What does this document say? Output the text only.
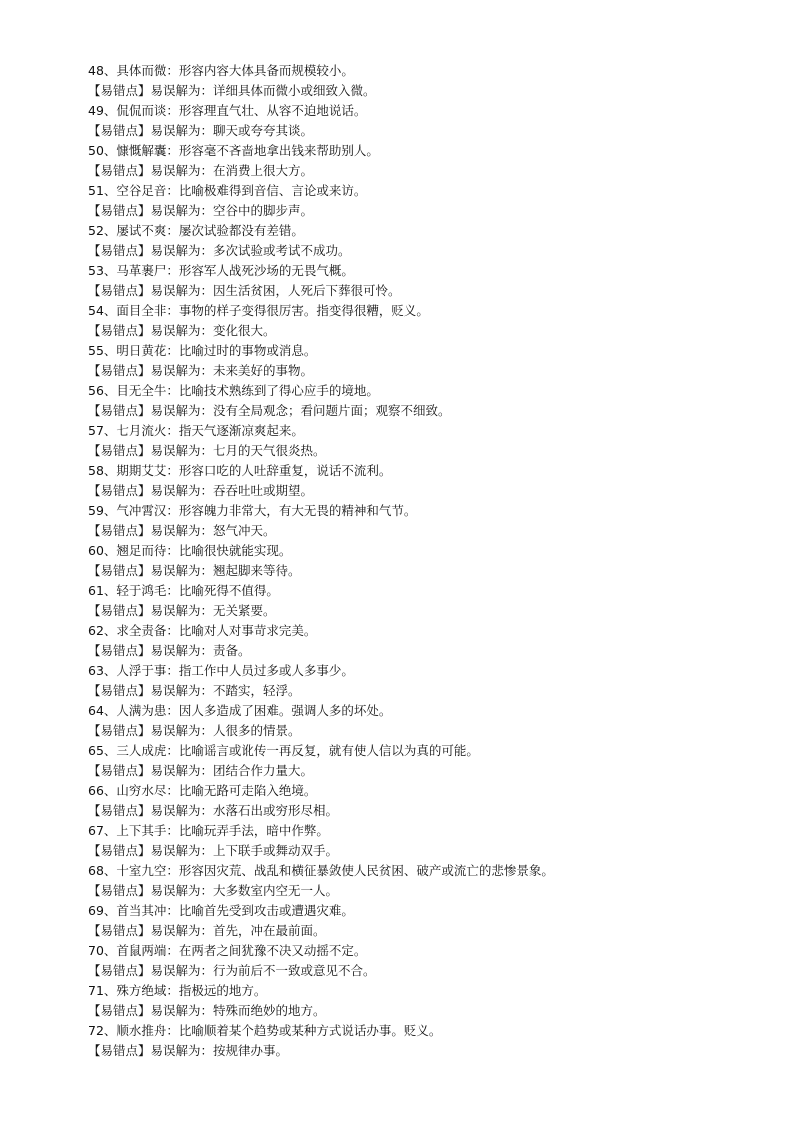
48、具体而微：形容内容大体具备而规模较小。
【易错点】易误解为：详细具体而微小或细致入微。
49、侃侃而谈：形容理直气壮、从容不迫地说话。
【易错点】易误解为：聊天或夸夸其谈。
50、慷慨解囊：形容毫不吝啬地拿出钱来帮助别人。
【易错点】易误解为：在消费上很大方。
51、空谷足音：比喻极难得到音信、言论或来访。
【易错点】易误解为：空谷中的脚步声。
52、屡试不爽：屡次试验都没有差错。
【易错点】易误解为：多次试验或考试不成功。
53、马革裹尸：形容军人战死沙场的无畏气概。
【易错点】易误解为：因生活贫困，人死后下葬很可怜。
54、面目全非：事物的样子变得很厉害。指变得很糟，贬义。
【易错点】易误解为：变化很大。
55、明日黄花：比喻过时的事物或消息。
【易错点】易误解为：未来美好的事物。
56、目无全牛：比喻技术熟练到了得心应手的境地。
【易错点】易误解为：没有全局观念；看问题片面；观察不细致。
57、七月流火：指天气逐渐凉爽起来。
【易错点】易误解为：七月的天气很炎热。
58、期期艾艾：形容口吃的人吐辞重复，说话不流利。
【易错点】易误解为：吞吞吐吐或期望。
59、气冲霄汉：形容魄力非常大，有大无畏的精神和气节。
【易错点】易误解为：怒气冲天。
60、翘足而待：比喻很快就能实现。
【易错点】易误解为：翘起脚来等待。
61、轻于鸿毛：比喻死得不值得。
【易错点】易误解为：无关紧要。
62、求全责备：比喻对人对事苛求完美。
【易错点】易误解为：责备。
63、人浮于事：指工作中人员过多或人多事少。
【易错点】易误解为：不踏实，轻浮。
64、人满为患：因人多造成了困难。强调人多的坏处。
【易错点】易误解为：人很多的情景。
65、三人成虎：比喻谣言或讹传一再反复，就有使人信以为真的可能。
【易错点】易误解为：团结合作力量大。
66、山穷水尽：比喻无路可走陷入绝境。
【易错点】易误解为：水落石出或穷形尽相。
67、上下其手：比喻玩弄手法，暗中作弊。
【易错点】易误解为：上下联手或舞动双手。
68、十室九空：形容因灾荒、战乱和横征暴敛使人民贫困、破产或流亡的悲惨景象。
【易错点】易误解为：大多数室内空无一人。
69、首当其冲：比喻首先受到攻击或遭遇灾难。
【易错点】易误解为：首先，冲在最前面。
70、首鼠两端：在两者之间犹豫不决又动摇不定。
【易错点】易误解为：行为前后不一致或意见不合。
71、殊方绝域：指极远的地方。
【易错点】易误解为：特殊而绝妙的地方。
72、顺水推舟：比喻顺着某个趋势或某种方式说话办事。贬义。
【易错点】易误解为：按规律办事。
